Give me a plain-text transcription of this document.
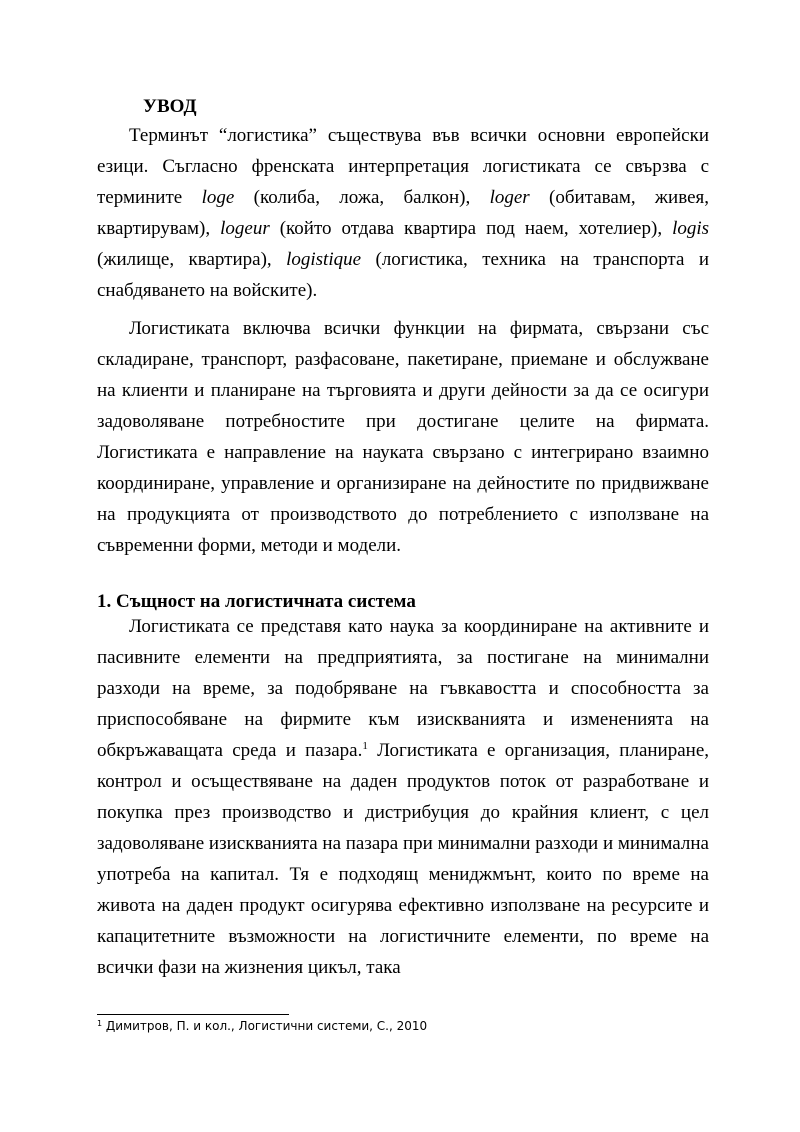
УВОД

Терминът “логистика” съществува във всички основни европейски езици. Съгласно френската интерпретация логистиката се свързва с термините loge (колиба, ложа, балкон), loger (обитавам, живея, квартирувам), logeur (който отдава квартира под наем, хотелиер), logis (жилище, квартира), logistique (логистика, техника на транспорта и снабдяването на войските).

Логистиката включва всички функции на фирмата, свързани със складиране, транспорт, разфасоване, пакетиране, приемане и обслужване на клиенти и планиране на търговията и други дейности за да се осигури задоволяване потребностите при достигане целите на фирмата. Логистиката е направление на науката свързано с интегрирано взаимно координиране, управление и организиране на дейностите по придвижване на продукцията от производството до потреблението с използване на съвременни форми, методи и модели.

1. Същност на логистичната система

Логистиката се представя като наука за координиране на активните и пасивните елементи на предприятията, за постигане на минимални разходи на време, за подобряване на гъвкавостта и способността за приспособяване на фирмите към изискванията и измененията на обкръжаващата среда и пазара.$^1$ Логистиката е организация, планиране, контрол и осъществяване на даден продуктов поток от разработване и покупка през производство и дистрибуция до крайния клиент, с цел задоволяване изискванията на пазара при минимални разходи и минимална употреба на капитал. Тя е подходящ мениджмънт, които по време на живота на даден продукт осигурява ефективно използване на ресурсите и капацитетните възможности на логистичните елементи, по време на всички фази на жизнения цикъл, така

$^1$ Димитров, П. и кол., Логистични системи, С., 2010
